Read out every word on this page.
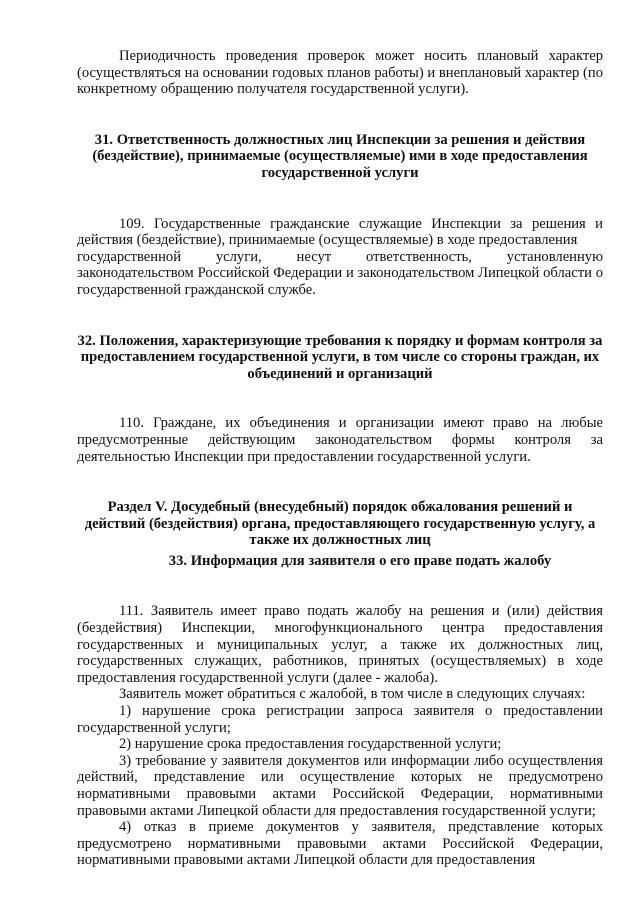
Периодичность проведения проверок может носить плановый характер (осуществляться на основании годовых планов работы) и внеплановый характер (по конкретному обращению получателя государственной услуги).

31. Ответственность должностных лиц Инспекции за решения и действия (бездействие), принимаемые (осуществляемые) ими в ходе предоставления государственной услуги

109. Государственные гражданские служащие Инспекции за решения и действия (бездействие), принимаемые (осуществляемые) в ходе предоставления

государственной услуги, несут ответственность, установленную

законодательством Российской Федерации и законодательством Липецкой области о государственной гражданской службе.

32. Положения, характеризующие требования к порядку и формам контроля за предоставлением государственной услуги, в том числе со стороны граждан, их объединений и организаций

110. Граждане, их объединения и организации имеют право на любые предусмотренные действующим законодательством формы контроля за деятельностью Инспекции при предоставлении государственной услуги.

Раздел V. Досудебный (внесудебный) порядок обжалования решений и действий (бездействия) органа, предоставляющего государственную услугу, а также их должностных лиц
33. Информация для заявителя о его праве подать жалобу

111. Заявитель имеет право подать жалобу на решения и (или) действия (бездействия) Инспекции, многофункционального центра предоставления государственных и муниципальных услуг, а также их должностных лиц, государственных служащих, работников, принятых (осуществляемых) в ходе предоставления государственной услуги (далее - жалоба).

Заявитель может обратиться с жалобой, в том числе в следующих случаях:

1) нарушение срока регистрации запроса заявителя о предоставлении государственной услуги;

2) нарушение срока предоставления государственной услуги;

3) требование у заявителя документов или информации либо осуществления действий, представление или осуществление которых не предусмотрено нормативными правовыми актами Российской Федерации, нормативными правовыми актами Липецкой области для предоставления государственной услуги;

4) отказ в приеме документов у заявителя, представление которых предусмотрено нормативными правовыми актами Российской Федерации, нормативными правовыми актами Липецкой области для предоставления
